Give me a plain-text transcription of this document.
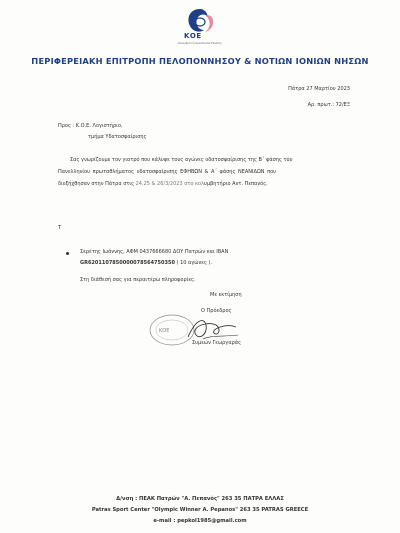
ΚΟΕ
Κολυμβητική Ομοσπονδία Ελλάδος
ΠΕΡΙΦΕΡΕΙΑΚΗ ΕΠΙΤΡΟΠΗ ΠΕΛΟΠΟΝΝΗΣΟΥ & ΝΟΤΙΩΝ ΙΟΝΙΩΝ ΝΗΣΩΝ
Πάτρα 27 Μαρτίου 2023
Αρ. πρωτ.: 72/ΕΞ
Προς : Κ.Ο.Ε. Λογιστήριο,
τμήμα Υδατοσφαίρισης
Σας γνωρίζουμε τον γιατρό που κάλυψε τους αγώνες υδατοσφαίρισης της Β΄ φάσης του
Πανελληνίου πρωταθλήματος υδατοσφαίρισης ΕΦΗΒΩΝ & Α΄ φάσης ΝΕΑΝΙΔΩΝ που
διεξήχθησαν στην Πάτρα στις 24,25 & 26/3/2023 στο κολυμβητήριο Αντ. Πεπανός.
Τ
Σερέτης Ιωάννης, ΑΦΜ 0437666680 ΔΟΥ Πατρών και IBAN
GR6201107850000078564750350 ( 10 αγώνες ).
Στη διάθεσή σας για περαιτέρω πληροφορίες.
Με εκτίμηση
Ο Πρόεδρος
ΚΟΕ
Συμεών Γεωργαράς
Δ/νση : ΠΕΑΚ Πατρών "Α. Πεπανός" 263 35 ΠΑΤΡΑ ΕΛΛΑΣ
Patras Sport Center "Olympic Winner A. Pepanos" 263 35 PATRAS GREECE
e-mail : pepkol1985@gmail.com
